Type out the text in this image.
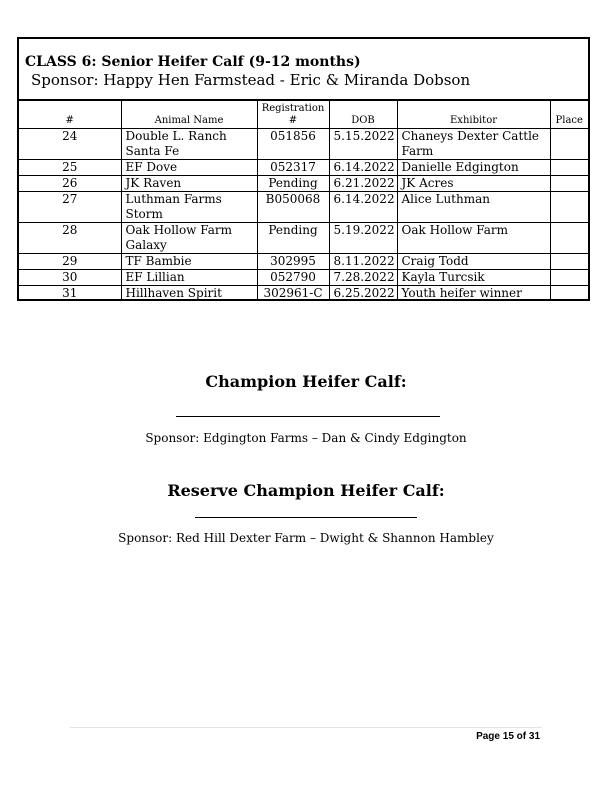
CLASS 6: Senior Heifer Calf (9-12 months)
Sponsor: Happy Hen Farmstead - Eric & Miranda Dobson
#	Animal Name	Registration #	DOB	Exhibitor	Place
24	Double L. Ranch Santa Fe	051856	5.15.2022	Chaneys Dexter Cattle Farm	
25	EF Dove	052317	6.14.2022	Danielle Edgington	
26	JK Raven	Pending	6.21.2022	JK Acres	
27	Luthman Farms Storm	B050068	6.14.2022	Alice Luthman	
28	Oak Hollow Farm Galaxy	Pending	5.19.2022	Oak Hollow Farm	
29	TF Bambie	302995	8.11.2022	Craig Todd	
30	EF Lillian	052790	7.28.2022	Kayla Turcsik	
31	Hillhaven Spirit	302961-C	6.25.2022	Youth heifer winner	
Champion Heifer Calf:
Sponsor: Edgington Farms – Dan & Cindy Edgington
Reserve Champion Heifer Calf:
Sponsor: Red Hill Dexter Farm – Dwight & Shannon Hambley
Page 15 of 31
